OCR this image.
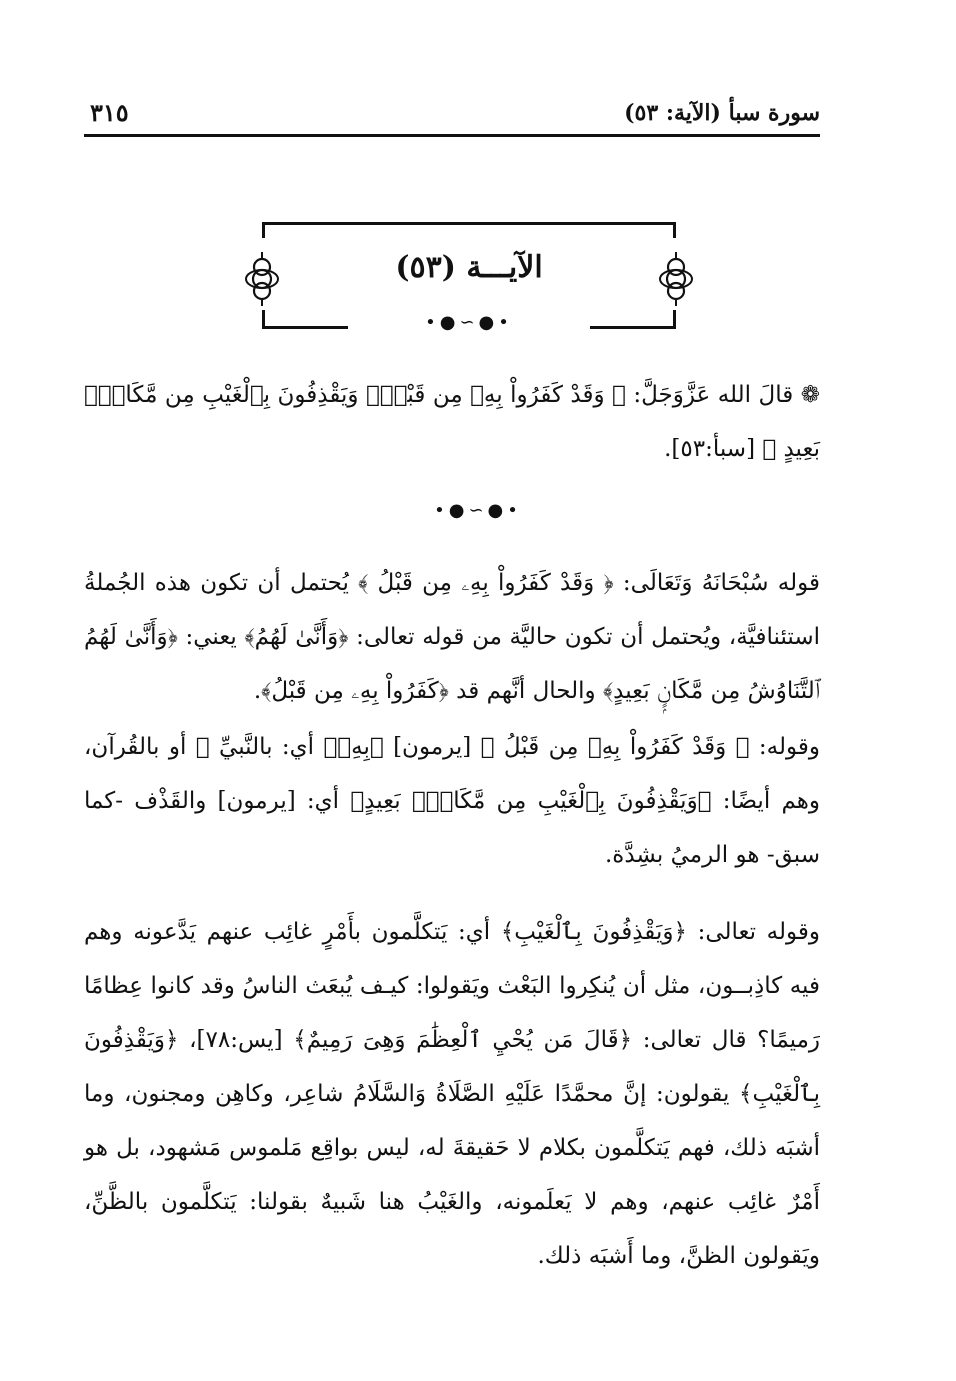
سورة سبأ (الآية: ٥٣)
٣١٥
الآيـــة (٥٣)
•●∽●•
❁ قالَ الله عَزَّوَجَلَّ: ﴿ وَقَدْ كَفَرُواْ بِهِۦ مِن قَبْلُۖ وَيَقْذِفُونَ بِٱلْغَيْبِ مِن مَّكَانٍۭ بَعِيدٍ ﴾ [سبأ:٥٣].
•●∽●•
قوله سُبْحَانَهُ وَتَعَالَى: ﴿ وَقَدْ كَفَرُواْ بِهِۦ مِن قَبْلُ ﴾ يُحتمل أن تكون هذه الجُملةُ استئنافيَّة، ويُحتمل أن تكون حاليَّة من قوله تعالى: ﴿وَأَنَّىٰ لَهُمُ﴾ يعني: ﴿وَأَنَّىٰ لَهُمُ ٱلتَّنَاوُشُ مِن مَّكَانٍۭ بَعِيدٍ﴾ والحال أنَّهم قد ﴿كَفَرُواْ بِهِۦ مِن قَبْلُ﴾.
وقوله: ﴿ وَقَدْ كَفَرُواْ بِهِۦ مِن قَبْلُ ﴾ [يرمون] ﴿بِهِۦ﴾ أي: بالنَّبيِّ ﷺ أو بالقُرآن، وهم أيضًا: ﴿وَيَقْذِفُونَ بِٱلْغَيْبِ مِن مَّكَانٍۭ بَعِيدٍ﴾ أي: [يرمون] والقَذْف -كما سبق- هو الرميُ بشِدَّة.
وقوله تعالى: ﴿وَيَقْذِفُونَ بِٱلْغَيْبِ﴾ أي: يَتكلَّمون بأَمْرٍ غائِب عنهم يَدَّعونه وهم فيه كاذِبــون، مثل أن يُنكِروا البَعْث ويَقولوا: كيـف يُبعَث الناسُ وقد كانوا عِظامًا رَميمًا؟ قال تعالى: ﴿قَالَ مَن يُحْيِ ٱلْعِظَٰمَ وَهِىَ رَمِيمٌ﴾ [يس:٧٨]، ﴿وَيَقْذِفُونَ بِٱلْغَيْبِ﴾ يقولون: إنَّ محمَّدًا عَلَيْهِ الصَّلَاةُ وَالسَّلَامُ شاعِر، وكاهِن ومجنون، وما أشبَه ذلك، فهم يَتكلَّمون بكلام لا حَقيقةَ له، ليس بواقِع مَلموس مَشهود، بل هو أَمْرٌ غائِب عنهم، وهم لا يَعلَمونه، والغَيْبُ هنا شَبيهٌ بقولنا: يَتكلَّمون بالظَّنِّ، ويَقولون الظنَّ، وما أَشبَه ذلك.
